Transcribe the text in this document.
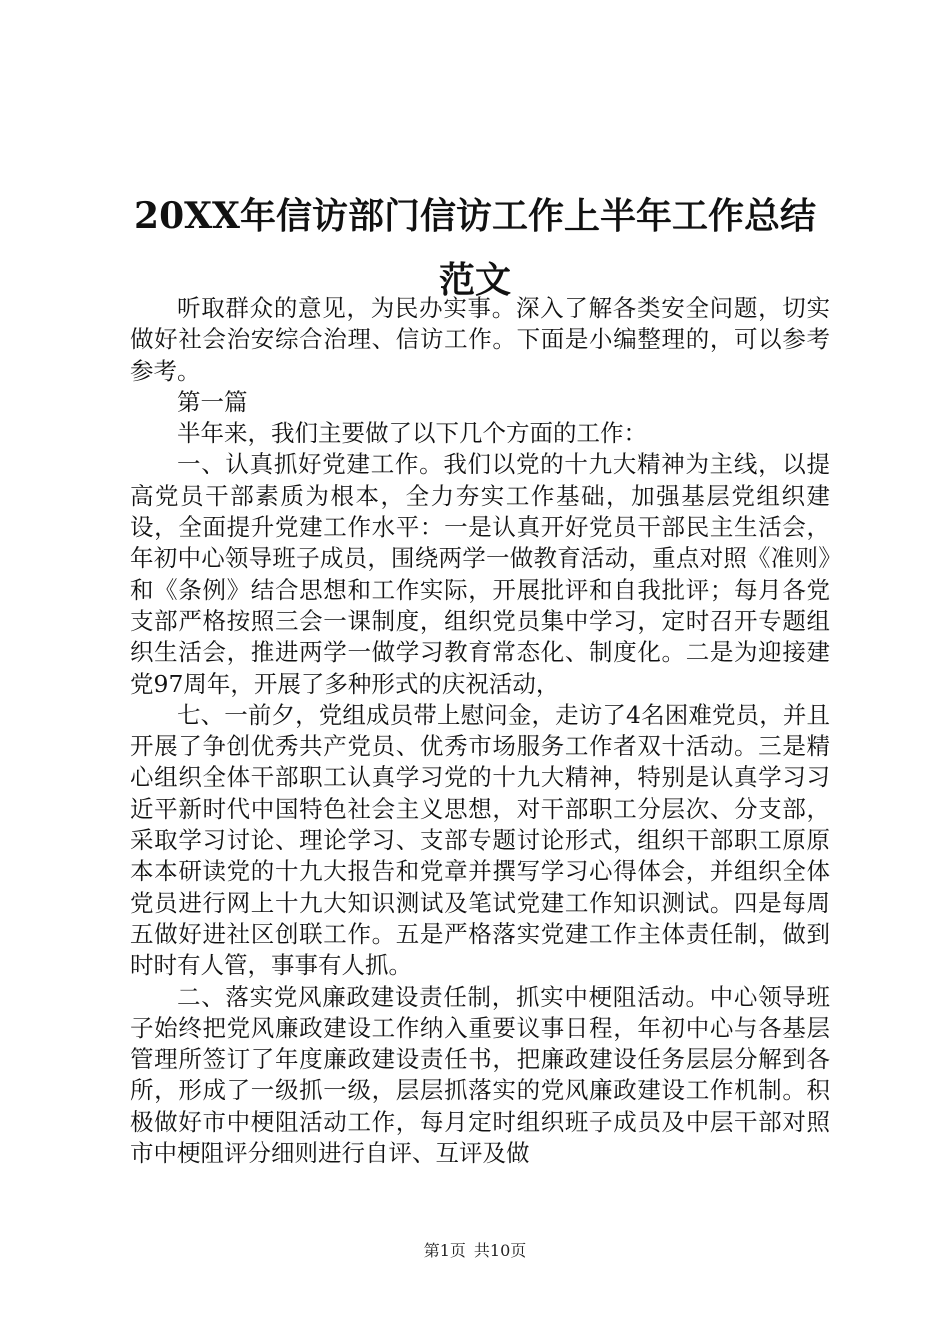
20XX年信访部门信访工作上半年工作总结范文

听取群众的意见，为民办实事。深入了解各类安全问题，切实做好社会治安综合治理、信访工作。下面是小编整理的，可以参考参考。

第一篇

半年来，我们主要做了以下几个方面的工作：

一、认真抓好党建工作。我们以党的十九大精神为主线，以提高党员干部素质为根本，全力夯实工作基础，加强基层党组织建设，全面提升党建工作水平：一是认真开好党员干部民主生活会，年初中心领导班子成员，围绕两学一做教育活动，重点对照《准则》和《条例》结合思想和工作实际，开展批评和自我批评；每月各党支部严格按照三会一课制度，组织党员集中学习，定时召开专题组织生活会，推进两学一做学习教育常态化、制度化。二是为迎接建党97周年，开展了多种形式的庆祝活动，

七、一前夕，党组成员带上慰问金，走访了4名困难党员，并且开展了争创优秀共产党员、优秀市场服务工作者双十活动。三是精心组织全体干部职工认真学习党的十九大精神，特别是认真学习习近平新时代中国特色社会主义思想，对干部职工分层次、分支部，采取学习讨论、理论学习、支部专题讨论形式，组织干部职工原原本本研读党的十九大报告和党章并撰写学习心得体会，并组织全体党员进行网上十九大知识测试及笔试党建工作知识测试。四是每周五做好进社区创联工作。五是严格落实党建工作主体责任制，做到时时有人管，事事有人抓。

二、落实党风廉政建设责任制，抓实中梗阻活动。中心领导班子始终把党风廉政建设工作纳入重要议事日程，年初中心与各基层管理所签订了年度廉政建设责任书，把廉政建设任务层层分解到各所，形成了一级抓一级，层层抓落实的党风廉政建设工作机制。积极做好市中梗阻活动工作，每月定时组织班子成员及中层干部对照市中梗阻评分细则进行自评、互评及做

第1页 共10页
